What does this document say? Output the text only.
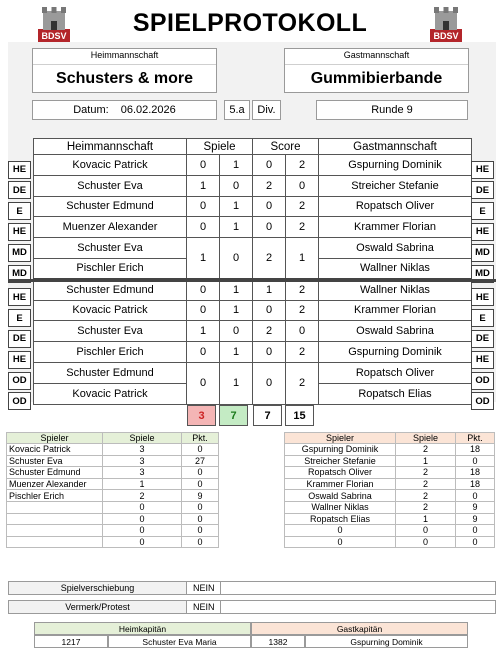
BDSV	BDSV
SPIELPROTOKOLL
Heimmannschaft
Schusters & more
Gastmannschaft
Gummibierbande
Datum: 06.02.2026	5.a Div.	Runde 9
Heimmannschaft	Spiele		Score		Gastmannschaft
Kovacic Patrick	0	1	0	2	Gspurning Dominik
Schuster Eva	1	0	2	0	Streicher Stefanie
Schuster Edmund	0	1	0	2	Ropatsch Oliver
Muenzer Alexander	0	1	0	2	Krammer Florian
Schuster Eva	1	0	2	1	Oswald Sabrina
Pischler Erich					Wallner Niklas
Schuster Edmund	0	1	1	2	Wallner Niklas
Kovacic Patrick	0	1	0	2	Krammer Florian
Schuster Eva	1	0	2	0	Oswald Sabrina
Pischler Erich	0	1	0	2	Gspurning Dominik
Schuster Edmund	0	1	0	2	Ropatsch Oliver
Kovacic Patrick					Ropatsch Elias
HE	HE
DE	DE
E	E
HE	HE
MD	MD
MD	MD
HE	HE
E	E
DE	DE
HE	HE
OD	OD
OD	OD
3	7	7	15
Spieler	Spiele	Pkt.
Kovacic Patrick	3	0
Schuster Eva	3	27
Schuster Edmund	3	0
Muenzer Alexander	1	0
Pischler Erich	2	9
	0	0
	0	0
	0	0
	0	0
Spieler	Spiele	Pkt.
Gspurning Dominik	2	18
Streicher Stefanie	1	0
Ropatsch Oliver	2	18
Krammer Florian	2	18
Oswald Sabrina	2	0
Wallner Niklas	2	9
Ropatsch Elias	1	9
0	0	0
0	0	0
Spielverschiebung	NEIN
Vermerk/Protest	NEIN
Heimkapitän	Gastkapitän
1217	Schuster Eva Maria	1382	Gspurning Dominik
